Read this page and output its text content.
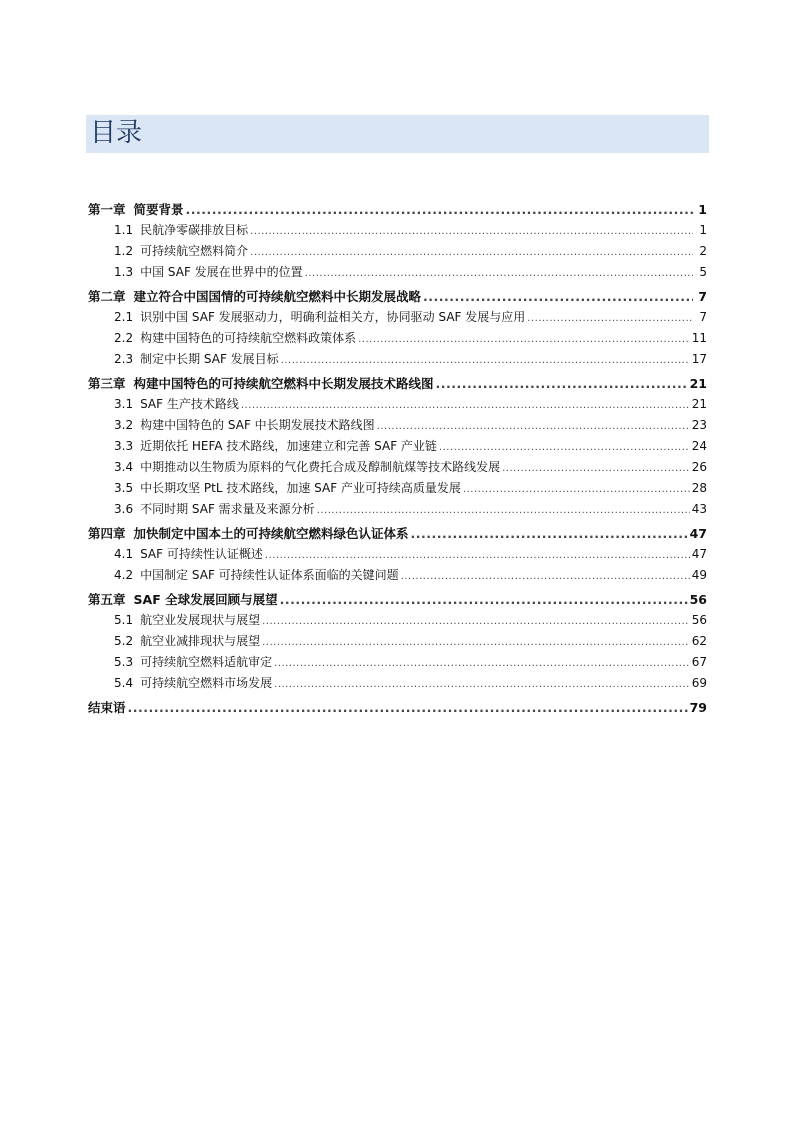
目录
第一章 简要背景 .....	1
1.1 民航净零碳排放目标 .....	1
1.2 可持续航空燃料简介 .....	2
1.3 中国 SAF 发展在世界中的位置 .....	5
第二章 建立符合中国国情的可持续航空燃料中长期发展战略 .....	7
2.1 识别中国 SAF 发展驱动力，明确利益相关方，协同驱动 SAF 发展与应用 .....	7
2.2 构建中国特色的可持续航空燃料政策体系 .....	11
2.3 制定中长期 SAF 发展目标 .....	17
第三章 构建中国特色的可持续航空燃料中长期发展技术路线图 .....	21
3.1 SAF 生产技术路线 .....	21
3.2 构建中国特色的 SAF 中长期发展技术路线图 .....	23
3.3 近期依托 HEFA 技术路线，加速建立和完善 SAF 产业链 .....	24
3.4 中期推动以生物质为原料的气化费托合成及醇制航煤等技术路线发展 .....	26
3.5 中长期攻坚 PtL 技术路线，加速 SAF 产业可持续高质量发展 .....	28
3.6 不同时期 SAF 需求量及来源分析 .....	43
第四章 加快制定中国本土的可持续航空燃料绿色认证体系 .....	47
4.1 SAF 可持续性认证概述 .....	47
4.2 中国制定 SAF 可持续性认证体系面临的关键问题 .....	49
第五章 SAF 全球发展回顾与展望 .....	56
5.1 航空业发展现状与展望 .....	56
5.2 航空业减排现状与展望 .....	62
5.3 可持续航空燃料适航审定 .....	67
5.4 可持续航空燃料市场发展 .....	69
结束语 .....	79
